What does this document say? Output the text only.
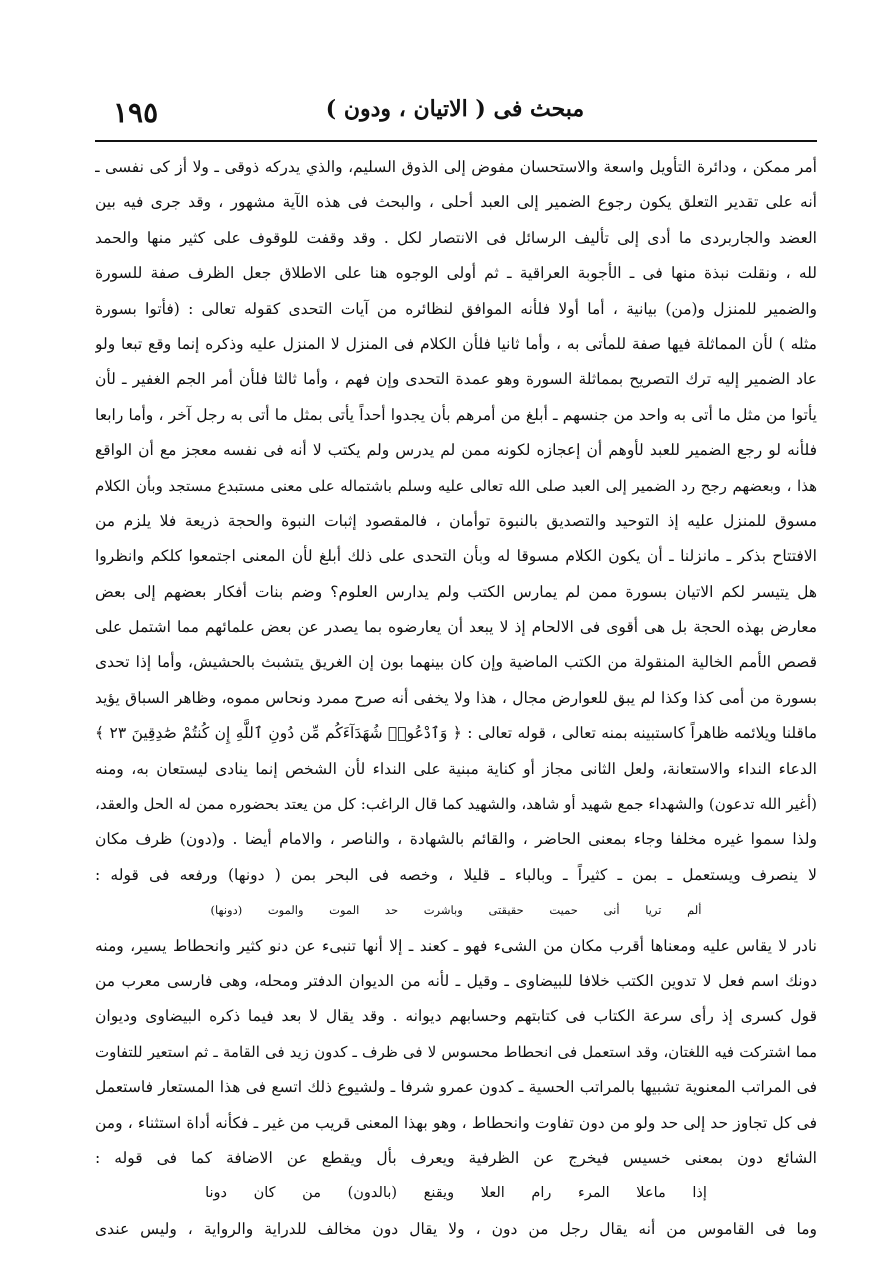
١٩٥	مبحث فى ( الاتيان ، ودون )
أمر ممكن ، ودائرة التأويل واسعة والاستحسان مفوض إلى الذوق السليم، والذي يدركه ذوقى ـ ولا أز كى نفسى ـ
أنه على تقدير التعلق يكون رجوع الضمير إلى العبد أحلى ، والبحث فى هذه الآية مشهور ، وقد جرى فيه بين
العضد والجاربردى ما أدى إلى تأليف الرسائل فى الانتصار لكل . وقد وقفت للوقوف على كثير منها والحمد
لله ، ونقلت نبذة منها فى ـ الأجوبة العراقية ـ ثم أولى الوجوه هنا على الاطلاق جعل الظرف صفة للسورة
والضمير للمنزل و(من) بيانية ، أما أولا فلأنه الموافق لنظائره من آيات التحدى كقوله تعالى : (فأتوا بسورة
مثله ) لأن المماثلة فيها صفة للمأتى به ، وأما ثانيا فلأن الكلام فى المنزل لا المنزل عليه وذكره إنما وقع تبعا ولو
عاد الضمير إليه ترك التصريح بمماثلة السورة وهو عمدة التحدى وإن فهم ، وأما ثالثا فلأن أمر الجم الغفير ـ لأن
يأتوا من مثل ما أتى به واحد من جنسهم ـ أبلغ من أمرهم بأن يجدوا أحداً يأتى بمثل ما أتى به رجل آخر ، وأما رابعا
فلأنه لو رجع الضمير للعبد لأوهم أن إعجازه لكونه ممن لم يدرس ولم يكتب لا أنه فى نفسه معجز مع أن الواقع
هذا ، وبعضهم رجح رد الضمير إلى العبد صلى الله تعالى عليه وسلم باشتماله على معنى مستبدع مستجد وبأن الكلام
مسوق للمنزل عليه إذ التوحيد والتصديق بالنبوة توأمان ، فالمقصود إثبات النبوة والحجة ذريعة فلا يلزم من
الافتتاح بذكر ـ مانزلنا ـ أن يكون الكلام مسوقا له وبأن التحدى على ذلك أبلغ لأن المعنى اجتمعوا كلكم وانظروا
هل يتيسر لكم الاتيان بسورة ممن لم يمارس الكتب ولم يدارس العلوم؟ وضم بنات أفكار بعضهم إلى بعض
معارض بهذه الحجة بل هى أقوى فى الالحام إذ لا يبعد أن يعارضوه بما يصدر عن بعض علمائهم مما اشتمل على
قصص الأمم الخالية المنقولة من الكتب الماضية وإن كان بينهما بون إن الغريق يتشبث بالحشيش، وأما إذا تحدى
بسورة من أمى كذا وكذا لم يبق للعوارض مجال ، هذا ولا يخفى أنه صرح ممرد ونحاس مموه، وظاهر السباق يؤيد
ماقلنا ويلائمه ظاهراً كاستبينه بمنه تعالى ، قوله تعالى : ﴿ وَٱدْعُوا۟ شُهَدَآءَكُم مِّن دُونِ ٱللَّهِ إِن كُنتُمْ صَٰدِقِينَ ٢٣ ﴾
الدعاء النداء والاستعانة، ولعل الثانى مجاز أو كناية مبنية على النداء لأن الشخص إنما ينادى ليستعان به، ومنه
(أغير الله تدعون) والشهداء جمع شهيد أو شاهد، والشهيد كما قال الراغب: كل من يعتد بحضوره ممن له الحل والعقد،
ولذا سموا غيره مخلفا وجاء بمعنى الحاضر ، والقائم بالشهادة ، والناصر ، والامام أيضا . و(دون) ظرف مكان
لا ينصرف ويستعمل ـ بمن ـ كثيراً ـ وبالباء ـ قليلا ، وخصه فى البحر بمن ( دونها) ورفعه فى قوله :
ألم تريا أنى حميت حقيقتى وباشرت حد الموت والموت (دونها)
نادر لا يقاس عليه ومعناها أقرب مكان من الشىء فهو ـ كعند ـ إلا أنها تنبىء عن دنو كثير وانحطاط يسير، ومنه
دونك اسم فعل لا تدوين الكتب خلافا للبيضاوى ـ وقيل ـ لأنه من الديوان الدفتر ومحله، وهى فارسى معرب من
قول كسرى إذ رأى سرعة الكتاب فى كتابتهم وحسابهم ديوانه . وقد يقال لا بعد فيما ذكره البيضاوى وديوان
مما اشتركت فيه اللغتان، وقد استعمل فى انحطاط محسوس لا فى ظرف ـ كدون زيد فى القامة ـ ثم استعير للتفاوت
فى المراتب المعنوية تشبيها بالمراتب الحسية ـ كدون عمرو شرفا ـ ولشيوع ذلك اتسع فى هذا المستعار فاستعمل
فى كل تجاوز حد إلى حد ولو من دون تفاوت وانحطاط ، وهو بهذا المعنى قريب من غير ـ فكأنه أداة استثناء ، ومن
الشائع دون بمعنى خسيس فيخرج عن الظرفية ويعرف بأل ويقطع عن الاضافة كما فى قوله :
إذا ماعلا المرء رام العلا ويقنع (بالدون) من كان دونا
وما فى القاموس من أنه يقال رجل من دون ، ولا يقال دون مخالف للدراية والرواية ، وليس عندى
